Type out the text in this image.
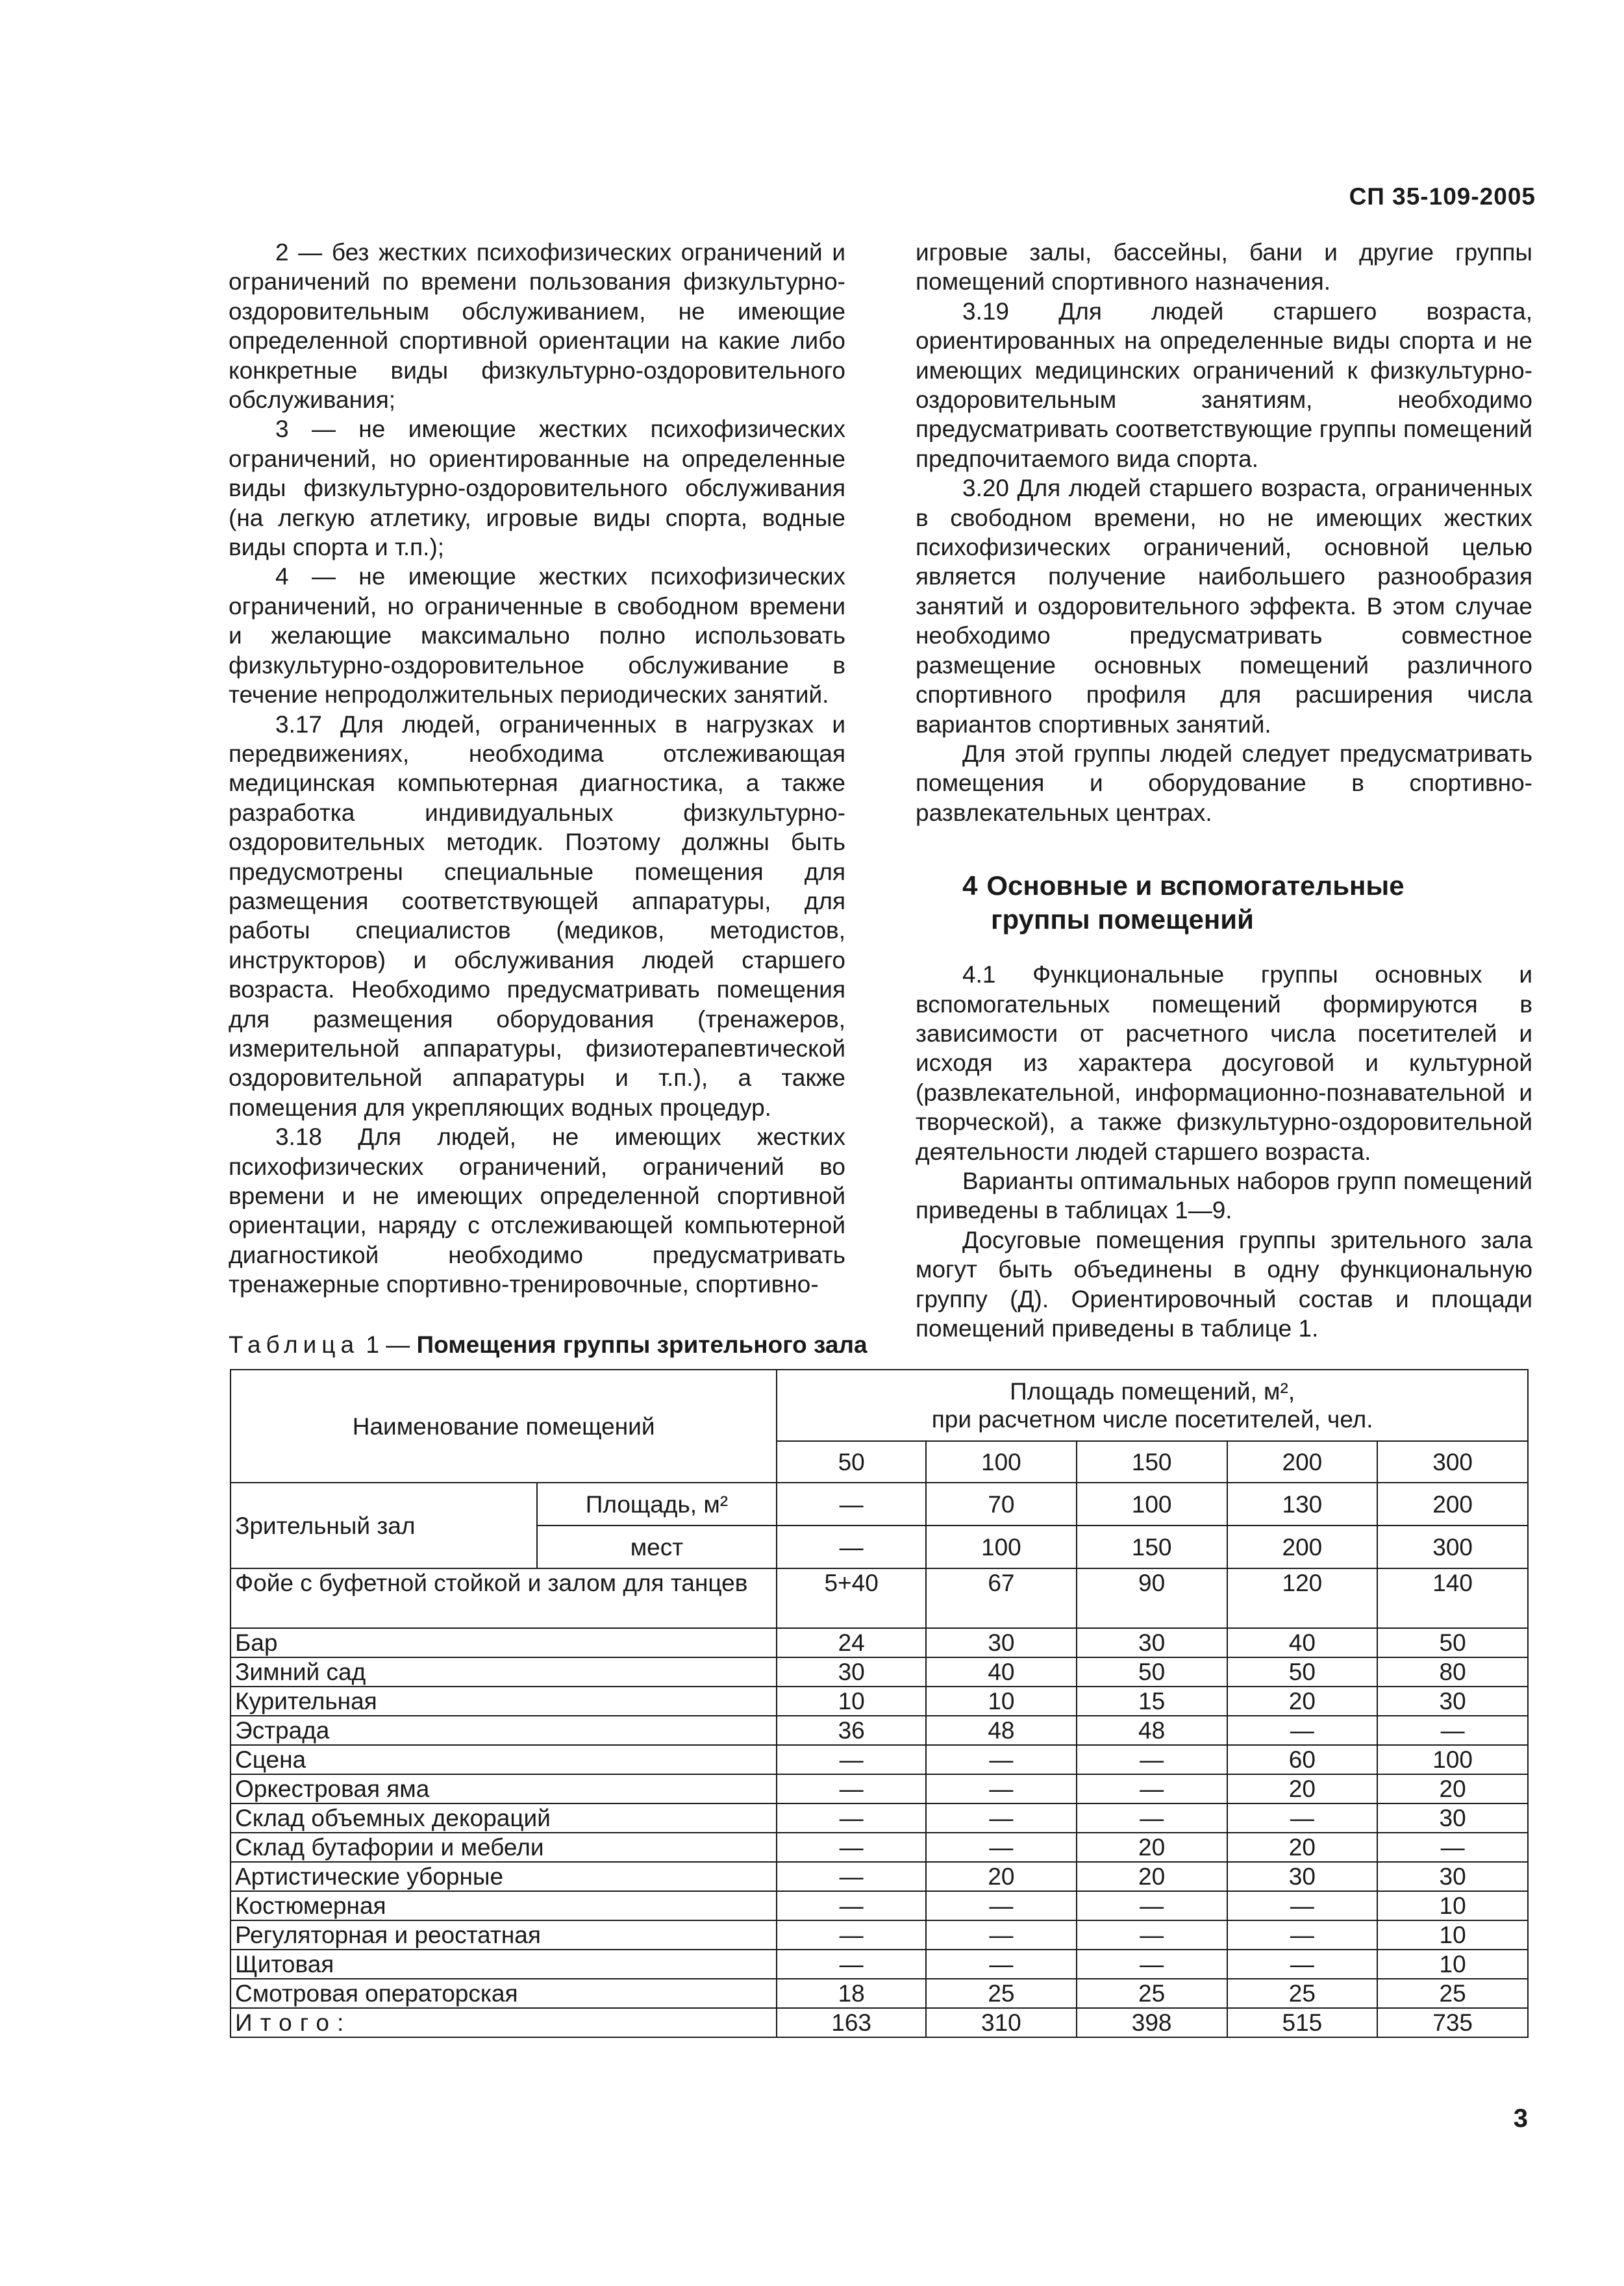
СП 35-109-2005

2 — без жестких психофизических ограничений и ограничений по времени пользования физкультурно-оздоровительным обслуживанием, не имеющие определенной спортивной ориентации на какие либо конкретные виды физкультурно-оздоровительного обслуживания;

3 — не имеющие жестких психофизических ограничений, но ориентированные на определенные виды физкультурно-оздоровительного обслуживания (на легкую атлетику, игровые виды спорта, водные виды спорта и т.п.);

4 — не имеющие жестких психофизических ограничений, но ограниченные в свободном времени и желающие максимально полно использовать физкультурно-оздоровительное обслуживание в течение непродолжительных периодических занятий.

3.17 Для людей, ограниченных в нагрузках и передвижениях, необходима отслеживающая медицинская компьютерная диагностика, а также разработка индивидуальных физкультурно-оздоровительных методик. Поэтому должны быть предусмотрены специальные помещения для размещения соответствующей аппаратуры, для работы специалистов (медиков, методистов, инструкторов) и обслуживания людей старшего возраста. Необходимо предусматривать помещения для размещения оборудования (тренажеров, измерительной аппаратуры, физиотерапевтической оздоровительной аппаратуры и т.п.), а также помещения для укрепляющих водных процедур.

3.18 Для людей, не имеющих жестких психофизических ограничений, ограничений во времени и не имеющих определенной спортивной ориентации, наряду с отслеживающей компьютерной диагностикой необходимо предусматривать тренажерные спортивно-тренировочные, спортивно-

игровые залы, бассейны, бани и другие группы помещений спортивного назначения.

3.19 Для людей старшего возраста, ориентированных на определенные виды спорта и не имеющих медицинских ограничений к физкультурно-оздоровительным занятиям, необходимо предусматривать соответствующие группы помещений предпочитаемого вида спорта.

3.20 Для людей старшего возраста, ограниченных в свободном времени, но не имеющих жестких психофизических ограничений, основной целью является получение наибольшего разнообразия занятий и оздоровительного эффекта. В этом случае необходимо предусматривать совместное размещение основных помещений различного спортивного профиля для расширения числа вариантов спортивных занятий.

Для этой группы людей следует предусматривать помещения и оборудование в спортивно-развлекательных центрах.

4 Основные и вспомогательные
группы помещений

4.1 Функциональные группы основных и вспомогательных помещений формируются в зависимости от расчетного числа посетителей и исходя из характера досуговой и культурной (развлекательной, информационно-познавательной и творческой), а также физкультурно-оздоровительной деятельности людей старшего возраста.

Варианты оптимальных наборов групп помещений приведены в таблицах 1—9.

Досуговые помещения группы зрительного зала могут быть объединены в одну функциональную группу (Д). Ориентировочный состав и площади помещений приведены в таблице 1.

Таблица 1 — Помещения группы зрительного зала
Наименование помещений		Площадь помещений, м²,
при расчетном числе посетителей, чел.				

		50	100	150	200	300
Зрительный зал	Площадь, м²	—	70	100	130	200
	мест	—	100	150	200	300
Фойе с буфетной стойкой и залом для танцев		5+40	67	90	120	140
Бар		24	30	30	40	50
Зимний сад		30	40	50	50	80
Курительная		10	10	15	20	30
Эстрада		36	48	48	—	—
Сцена		—	—	—	60	100
Оркестровая яма		—	—	—	20	20
Склад объемных декораций		—	—	—	—	30
Склад бутафории и мебели		—	—	20	20	—
Артистические уборные		—	20	20	30	30
Костюмерная		—	—	—	—	10
Регуляторная и реостатная		—	—	—	—	10
Щитовая		—	—	—	—	10
Смотровая операторская		18	25	25	25	25
Итого:		163	310	398	515	735
3
